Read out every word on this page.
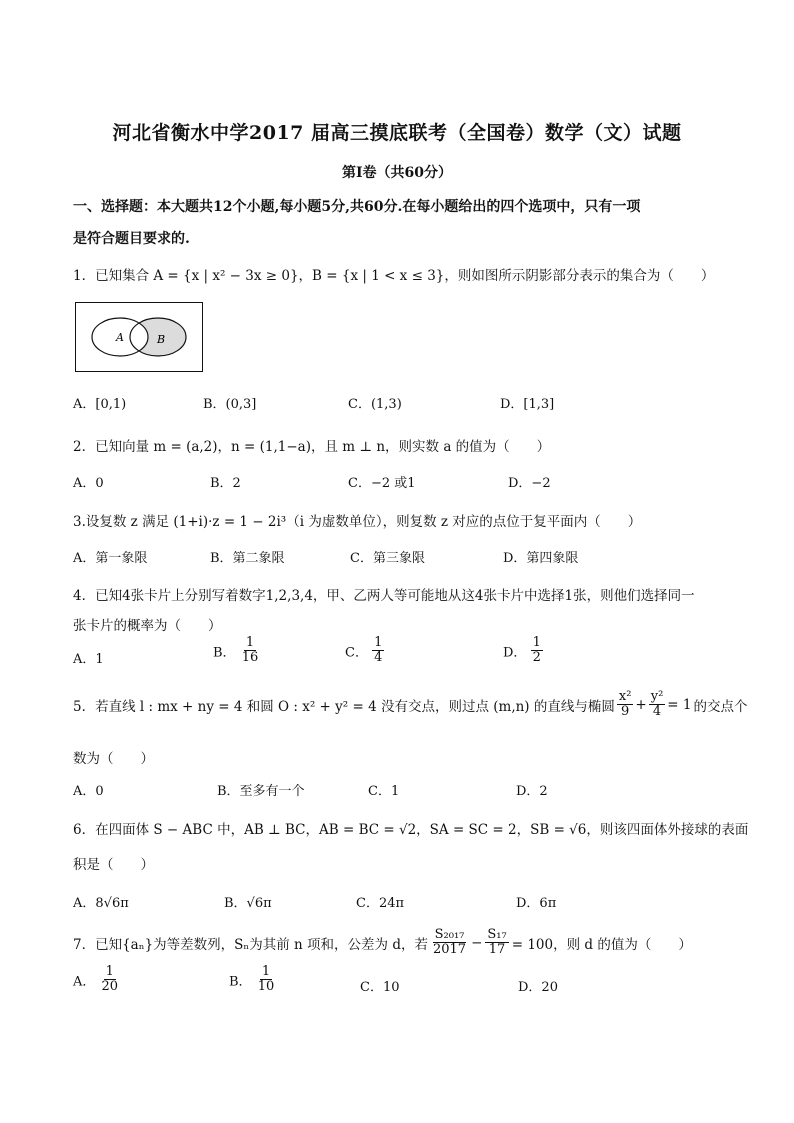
河北省衡水中学2017 届高三摸底联考（全国卷）数学（文）试题
第Ⅰ卷（共60分）
一、选择题：本大题共12个小题,每小题5分,共60分.在每小题给出的四个选项中，只有一项
是符合题目要求的.
1．已知集合 A = {x | x² − 3x ≥ 0}，B = {x | 1 < x ≤ 3}，则如图所示阴影部分表示的集合为（　　）
A	B
A．[0,1)	B．(0,3]	C．(1,3)	D．[1,3]
2．已知向量 m = (a,2)，n = (1,1−a)，且 m ⊥ n，则实数 a 的值为（　　）
A．0	B．2	C．−2 或1	D．−2
3.设复数 z 满足 (1+i)·z = 1 − 2i³（i 为虚数单位），则复数 z 对应的点位于复平面内（　　）
A．第一象限	B．第二象限	C．第三象限	D．第四象限
4．已知4张卡片上分别写着数字1,2,3,4，甲、乙两人等可能地从这4张卡片中选择1张，则他们选择同一
张卡片的概率为（　　）
A．1	B． $\frac{1}{16}$	C． $\frac{1}{4}$	D． $\frac{1}{2}$
5．若直线 l : mx + ny = 4 和圆 O : x² + y² = 4 没有交点，则过点 (m,n) 的直线与椭圆 $\frac{\text{x²}}{9} + \frac{\text{y²}}{4} = 1$ 的交点个
数为（　　）
A．0	B．至多有一个	C．1	D．2
6．在四面体 S − ABC 中，AB ⊥ BC，AB = BC = √2，SA = SC = 2，SB = √6，则该四面体外接球的表面
积是（　　）
A．8√6π	B．√6π	C．24π	D．6π
7．已知{aₙ}为等差数列，Sₙ为其前 n 项和，公差为 d，若 $\frac{\text{S₂₀₁₇}}{2017} - \frac{\text{S₁₇}}{17} = 100$，则 d 的值为（　　）
A． $\frac{1}{20}$	B． $\frac{1}{10}$	C．10	D．20
